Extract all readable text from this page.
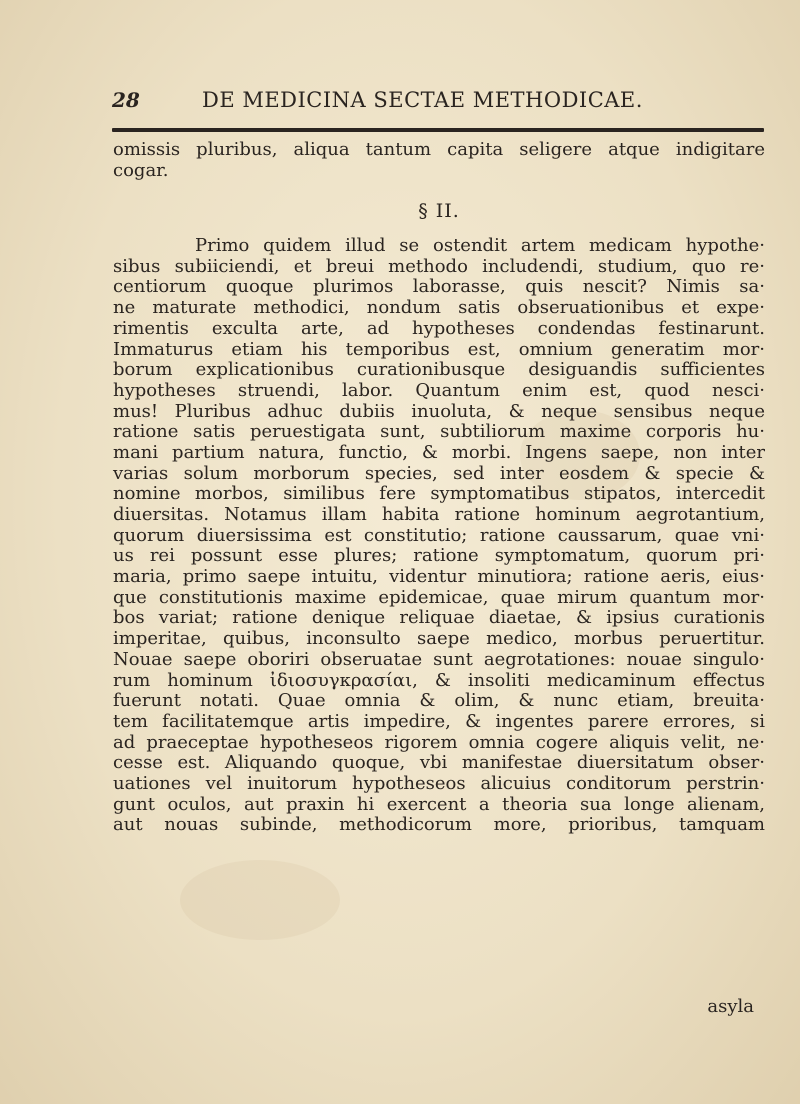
28	DE MEDICINA SECTAE METHODICAE.
omissis pluribus, aliqua tantum capita seligere atque indigitare
cogar.
§ II.
Primo quidem illud se ostendit artem medicam hypothe·
sibus subiiciendi, et breui methodo includendi, studium, quo re·
centiorum quoque plurimos laborasse, quis nescit? Nimis sa·
ne maturate methodici, nondum satis obseruationibus et expe·
rimentis exculta arte, ad hypotheses condendas festinarunt.
Immaturus etiam his temporibus est, omnium generatim mor·
borum explicationibus curationibusque desiguandis sufficientes
hypotheses struendi, labor. Quantum enim est, quod nesci·
mus! Pluribus adhuc dubiis inuoluta, & neque sensibus neque
ratione satis peruestigata sunt, subtiliorum maxime corporis hu·
mani partium natura, functio, & morbi. Ingens saepe, non inter
varias solum morborum species, sed inter eosdem & specie &
nomine morbos, similibus fere symptomatibus stipatos, intercedit
diuersitas. Notamus illam habita ratione hominum aegrotantium,
quorum diuersissima est constitutio; ratione caussarum, quae vni·
us rei possunt esse plures; ratione symptomatum, quorum pri·
maria, primo saepe intuitu, videntur minutiora; ratione aeris, eius·
que constitutionis maxime epidemicae, quae mirum quantum mor·
bos variat; ratione denique reliquae diaetae, & ipsius curationis
imperitae, quibus, inconsulto saepe medico, morbus peruertitur.
Nouae saepe oboriri obseruatae sunt aegrotationes: nouae singulo·
rum hominum ἰδιοσυγκρασίαι, & insoliti medicaminum effectus
fuerunt notati. Quae omnia & olim, & nunc etiam, breuita·
tem facilitatemque artis impedire, & ingentes parere errores, si
ad praeceptae hypotheseos rigorem omnia cogere aliquis velit, ne·
cesse est. Aliquando quoque, vbi manifestae diuersitatum obser·
uationes vel inuitorum hypotheseos alicuius conditorum perstrin·
gunt oculos, aut praxin hi exercent a theoria sua longe alienam,
aut nouas subinde, methodicorum more, prioribus, tamquam
asyla
